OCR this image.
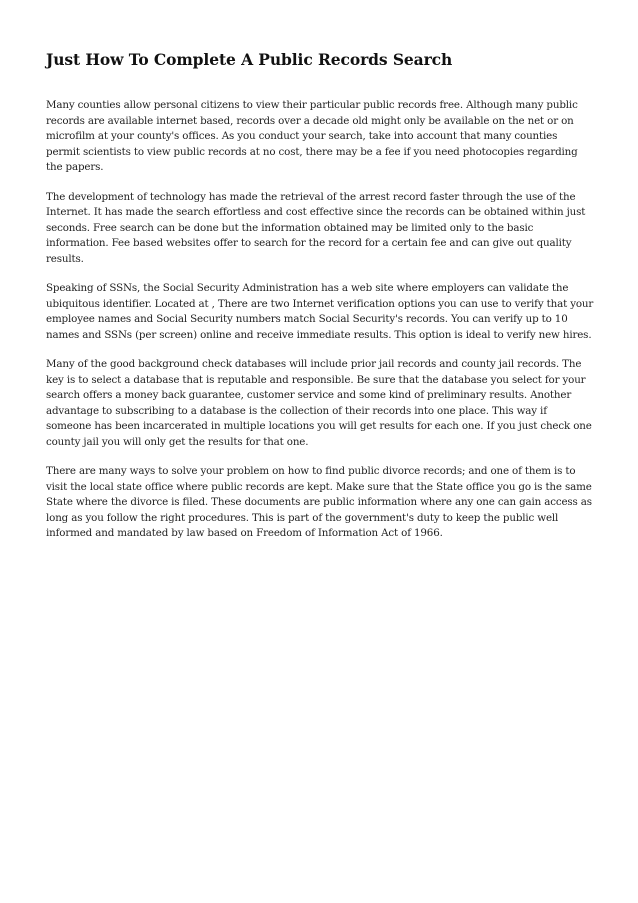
Just How To Complete A Public Records Search

Many counties allow personal citizens to view their particular public records free. Although many public records are available internet based, records over a decade old might only be available on the net or on microfilm at your county's offices. As you conduct your search, take into account that many counties permit scientists to view public records at no cost, there may be a fee if you need photocopies regarding the papers.

The development of technology has made the retrieval of the arrest record faster through the use of the Internet. It has made the search effortless and cost effective since the records can be obtained within just seconds. Free search can be done but the information obtained may be limited only to the basic information. Fee based websites offer to search for the record for a certain fee and can give out quality results.

Speaking of SSNs, the Social Security Administration has a web site where employers can validate the ubiquitous identifier. Located at , There are two Internet verification options you can use to verify that your employee names and Social Security numbers match Social Security's records. You can verify up to 10 names and SSNs (per screen) online and receive immediate results. This option is ideal to verify new hires.

Many of the good background check databases will include prior jail records and county jail records. The key is to select a database that is reputable and responsible. Be sure that the database you select for your search offers a money back guarantee, customer service and some kind of preliminary results. Another advantage to subscribing to a database is the collection of their records into one place. This way if someone has been incarcerated in multiple locations you will get results for each one. If you just check one county jail you will only get the results for that one.

There are many ways to solve your problem on how to find public divorce records; and one of them is to visit the local state office where public records are kept. Make sure that the State office you go is the same State where the divorce is filed. These documents are public information where any one can gain access as long as you follow the right procedures. This is part of the government's duty to keep the public well informed and mandated by law based on Freedom of Information Act of 1966.
